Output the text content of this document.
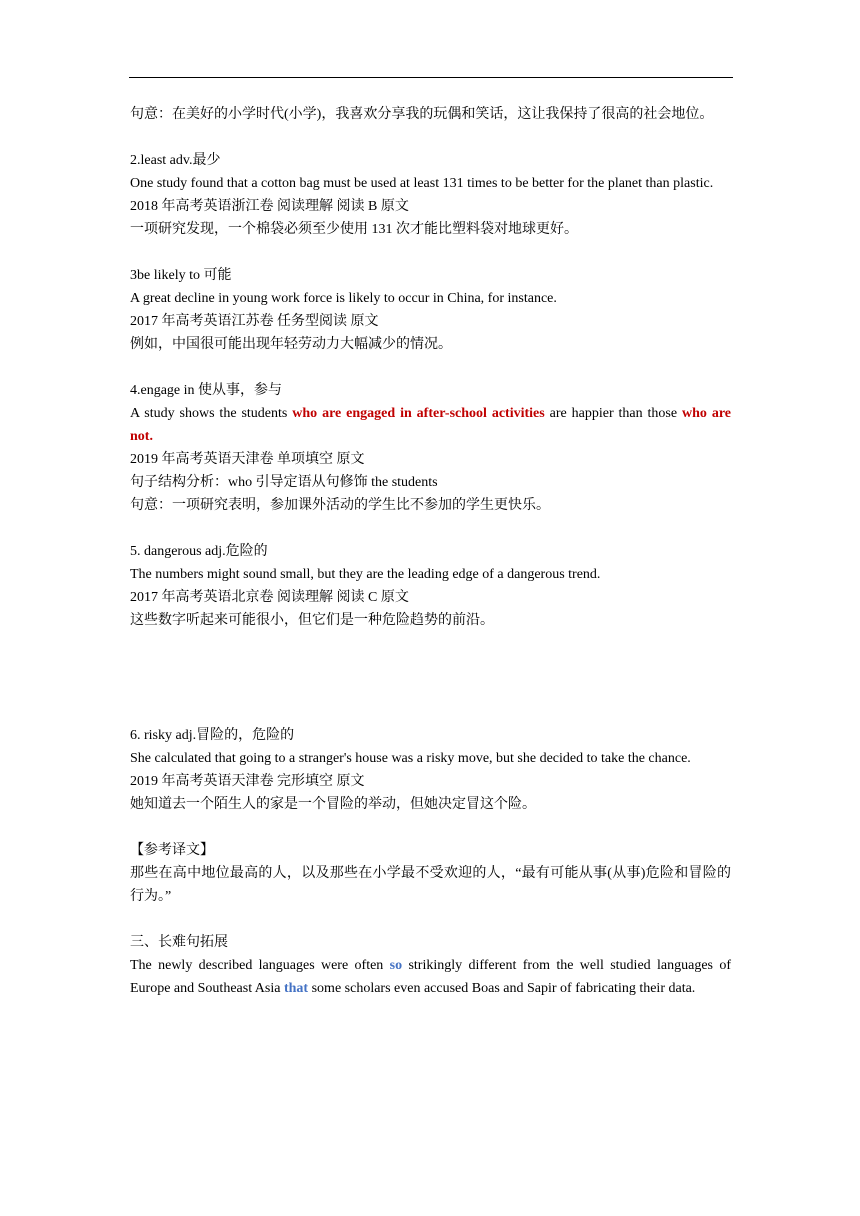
句意：在美好的小学时代(小学)，我喜欢分享我的玩偶和笑话，这让我保持了很高的社会地位。

2.least adv.最少

One study found that a cotton bag must be used at least 131 times to be better for the planet than plastic.

2018 年高考英语浙江卷 阅读理解 阅读 B 原文

一项研究发现，一个棉袋必须至少使用 131 次才能比塑料袋对地球更好。

3be likely to 可能

A great decline in young work force is likely to occur in China, for instance.

2017 年高考英语江苏卷 任务型阅读 原文

例如，中国很可能出现年轻劳动力大幅减少的情况。

4.engage in 使从事，参与

A study shows the students who are engaged in after-school activities are happier than those who are not.

2019 年高考英语天津卷 单项填空 原文

句子结构分析：who 引导定语从句修饰 the students

句意：一项研究表明，参加课外活动的学生比不参加的学生更快乐。

5. dangerous adj.危险的

The numbers might sound small, but they are the leading edge of a dangerous trend.

2017 年高考英语北京卷 阅读理解 阅读 C 原文

这些数字听起来可能很小，但它们是一种危险趋势的前沿。

6. risky adj.冒险的，危险的

She calculated that going to a stranger's house was a risky move, but she decided to take the chance.

2019 年高考英语天津卷 完形填空 原文

她知道去一个陌生人的家是一个冒险的举动，但她决定冒这个险。

【参考译文】

那些在高中地位最高的人，以及那些在小学最不受欢迎的人，“最有可能从事(从事)危险和冒险的行为。”

三、长难句拓展

The newly described languages were often so strikingly different from the well studied languages of Europe and Southeast Asia that some scholars even accused Boas and Sapir of fabricating their data.
